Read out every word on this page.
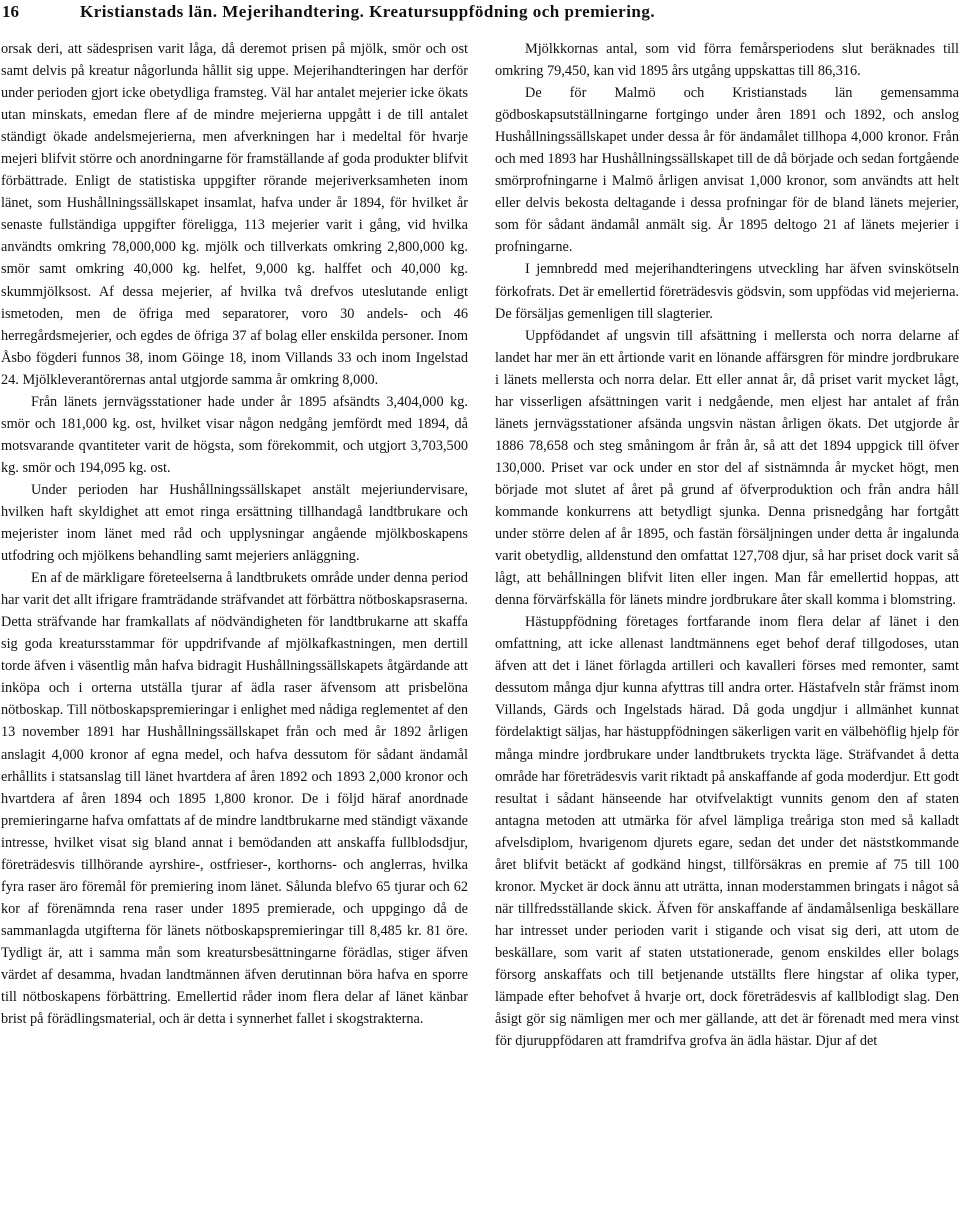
16	Kristianstads län. Mejerihandtering. Kreatursuppfödning och premiering.

orsak deri, att sädesprisen varit låga, då deremot prisen på mjölk, smör och ost samt delvis på kreatur någorlunda hållit sig uppe. Mejerihandteringen har derför under perioden gjort icke obetydliga framsteg. Väl har antalet mejerier icke ökats utan minskats, emedan flere af de mindre mejerierna uppgått i de till antalet ständigt ökade andelsmejerierna, men afverkningen har i medeltal för hvarje mejeri blifvit större och anordningarne för framställande af goda produkter blifvit förbättrade. Enligt de statistiska uppgifter rörande mejeriverksamheten inom länet, som Hushållningssällskapet insamlat, hafva under år 1894, för hvilket år senaste fullständiga uppgifter föreligga, 113 mejerier varit i gång, vid hvilka användts omkring 78,000,000 kg. mjölk och tillverkats omkring 2,800,000 kg. smör samt omkring 40,000 kg. helfet, 9,000 kg. halffet och 40,000 kg. skummjölksost. Af dessa mejerier, af hvilka två drefvos uteslutande enligt ismetoden, men de öfriga med separatorer, voro 30 andels- och 46 herregårdsmejerier, och egdes de öfriga 37 af bolag eller enskilda personer. Inom Åsbo fögderi funnos 38, inom Göinge 18, inom Villands 33 och inom Ingelstad 24. Mjölkleverantörernas antal utgjorde samma år omkring 8,000.

Från länets jernvägsstationer hade under år 1895 afsändts 3,404,000 kg. smör och 181,000 kg. ost, hvilket visar någon nedgång jemfördt med 1894, då motsvarande qvantiteter varit de högsta, som förekommit, och utgjort 3,703,500 kg. smör och 194,095 kg. ost.

Under perioden har Hushållningssällskapet anstält mejeriundervisare, hvilken haft skyldighet att emot ringa ersättning tillhandagå landtbrukare och mejerister inom länet med råd och upplysningar angående mjölkboskapens utfodring och mjölkens behandling samt mejeriers anläggning.

En af de märkligare företeelserna å landtbrukets område under denna period har varit det allt ifrigare framträdande sträfvandet att förbättra nötboskapsraserna. Detta sträfvande har framkallats af nödvändigheten för landtbrukarne att skaffa sig goda kreatursstammar för uppdrifvande af mjölkafkastningen, men dertill torde äfven i väsentlig mån hafva bidragit Hushållningssällskapets åtgärdande att inköpa och i orterna utställa tjurar af ädla raser äfvensom att prisbelöna nötboskap. Till nötboskapspremieringar i enlighet med nådiga reglementet af den 13 november 1891 har Hushållningssällskapet från och med år 1892 årligen anslagit 4,000 kronor af egna medel, och hafva dessutom för sådant ändamål erhållits i statsanslag till länet hvartdera af åren 1892 och 1893 2,000 kronor och hvartdera af åren 1894 och 1895 1,800 kronor. De i följd häraf anordnade premieringarne hafva omfattats af de mindre landtbrukarne med ständigt växande intresse, hvilket visat sig bland annat i bemödanden att anskaffa fullblodsdjur, företrädesvis tillhörande ayrshire-, ostfrieser-, korthorns- och anglerras, hvilka fyra raser äro föremål för premiering inom länet. Sålunda blefvo 65 tjurar och 62 kor af förenämnda rena raser under 1895 premierade, och uppgingo då de sammanlagda utgifterna för länets nötboskapspremieringar till 8,485 kr. 81 öre. Tydligt är, att i samma mån som kreatursbesättningarne förädlas, stiger äfven värdet af desamma, hvadan landtmännen äfven derutinnan böra hafva en sporre till nötboskapens förbättring. Emellertid råder inom flera delar af länet känbar brist på förädlingsmaterial, och är detta i synnerhet fallet i skogstrakterna.

Mjölkkornas antal, som vid förra femårsperiodens slut beräknades till omkring 79,450, kan vid 1895 års utgång uppskattas till 86,316.

De för Malmö och Kristianstads län gemensamma gödboskapsutställningarne fortgingo under åren 1891 och 1892, och anslog Hushållningssällskapet under dessa år för ändamålet tillhopa 4,000 kronor. Från och med 1893 har Hushållningssällskapet till de då började och sedan fortgående smörprofningarne i Malmö årligen anvisat 1,000 kronor, som användts att helt eller delvis bekosta deltagande i dessa profningar för de bland länets mejerier, som för sådant ändamål anmält sig. År 1895 deltogo 21 af länets mejerier i profningarne.

I jemnbredd med mejerihandteringens utveckling har äfven svinskötseln förkofrats. Det är emellertid företrädesvis gödsvin, som uppfödas vid mejerierna. De försäljas gemenligen till slagterier.

Uppfödandet af ungsvin till afsättning i mellersta och norra delarne af landet har mer än ett årtionde varit en lönande affärsgren för mindre jordbrukare i länets mellersta och norra delar. Ett eller annat år, då priset varit mycket lågt, har visserligen afsättningen varit i nedgående, men eljest har antalet af från länets jernvägsstationer afsända ungsvin nästan årligen ökats. Det utgjorde år 1886 78,658 och steg småningom år från år, så att det 1894 uppgick till öfver 130,000. Priset var ock under en stor del af sistnämnda år mycket högt, men började mot slutet af året på grund af öfverproduktion och från andra håll kommande konkurrens att betydligt sjunka. Denna prisnedgång har fortgått under större delen af år 1895, och fastän försäljningen under detta år ingalunda varit obetydlig, alldenstund den omfattat 127,708 djur, så har priset dock varit så lågt, att behållningen blifvit liten eller ingen. Man får emellertid hoppas, att denna förvärfskälla för länets mindre jordbrukare åter skall komma i blomstring.

Hästuppfödning företages fortfarande inom flera delar af länet i den omfattning, att icke allenast landtmännens eget behof deraf tillgodoses, utan äfven att det i länet förlagda artilleri och kavalleri förses med remonter, samt dessutom många djur kunna afyttras till andra orter. Hästafveln står främst inom Villands, Gärds och Ingelstads härad. Då goda ungdjur i allmänhet kunnat fördelaktigt säljas, har hästuppfödningen säkerligen varit en välbehöflig hjelp för många mindre jordbrukare under landtbrukets tryckta läge. Sträfvandet å detta område har företrädesvis varit riktadt på anskaffande af goda moderdjur. Ett godt resultat i sådant hänseende har otvifvelaktigt vunnits genom den af staten antagna metoden att utmärka för afvel lämpliga treåriga ston med så kalladt afvelsdiplom, hvarigenom djurets egare, sedan det under det näststkommande året blifvit betäckt af godkänd hingst, tillförsäkras en premie af 75 till 100 kronor. Mycket är dock ännu att uträtta, innan moderstammen bringats i något så när tillfredsställande skick. Äfven för anskaffande af ändamålsenliga beskällare har intresset under perioden varit i stigande och visat sig deri, att utom de beskällare, som varit af staten utstationerade, genom enskildes eller bolags försorg anskaffats och till betjenande utställts flere hingstar af olika typer, lämpade efter behofvet å hvarje ort, dock företrädesvis af kallblodigt slag. Den åsigt gör sig nämligen mer och mer gällande, att det är förenadt med mera vinst för djuruppfödaren att framdrifva grofva än ädla hästar. Djur af det
